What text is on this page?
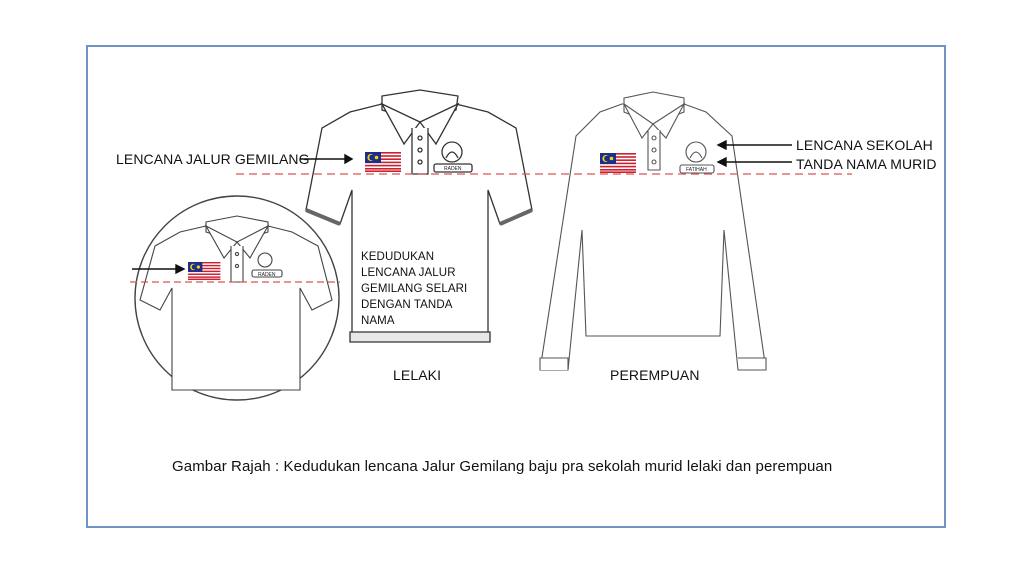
RADEN	FATIHAH
RADEN
LENCANA JALUR GEMILANG
LENCANA SEKOLAH
TANDA NAMA MURID
KEDUDUKAN LENCANA JALUR GEMILANG SELARI DENGAN TANDA NAMA
LELAKI	PEREMPUAN
Gambar Rajah : Kedudukan lencana Jalur Gemilang baju pra sekolah murid lelaki dan perempuan
